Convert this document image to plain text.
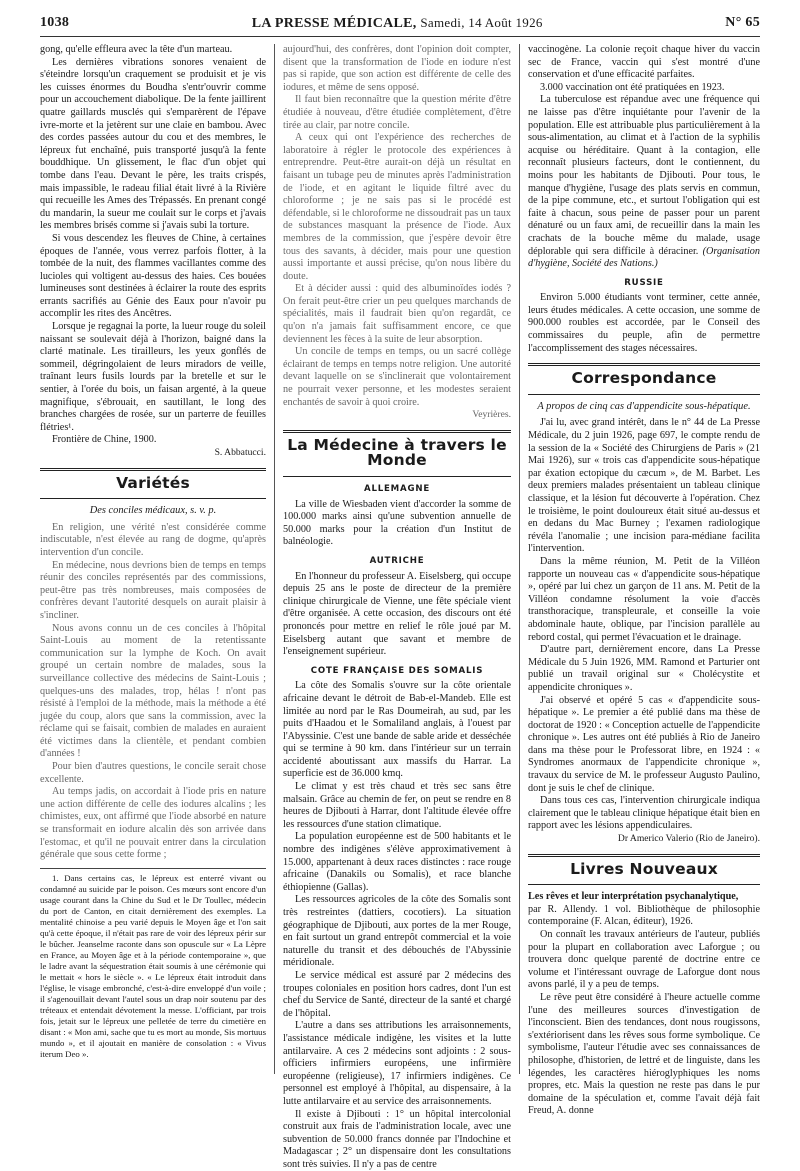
1038	LA PRESSE MÉDICALE, Samedi, 14 Août 1926	N° 65

gong, qu'elle effleura avec la tête d'un marteau.

Les dernières vibrations sonores venaient de s'éteindre lorsqu'un craquement se produisit et je vis les cuisses énormes du Boudha s'entr'ouvrir comme pour un accouchement diabolique. De la fente jaillirent quatre gaillards musclés qui s'emparèrent de l'épave ivre-morte et la jetèrent sur une claie en bambou. Avec des cordes passées autour du cou et des membres, le lépreux fut enchaîné, puis transporté jusqu'à la fente bouddhique. Un glissement, le flac d'un objet qui tombe dans l'eau. Devant le père, les traits crispés, mais impassible, le radeau filial était livré à la Rivière qui recueille les Ames des Trépassés. En prenant congé du mandarin, la sueur me coulait sur le corps et j'avais les membres brisés comme si j'avais subi la torture.

Si vous descendez les fleuves de Chine, à certaines époques de l'année, vous verrez parfois flotter, à la tombée de la nuit, des flammes vacillantes comme des lucioles qui voltigent au-dessus des haies. Ces bouées lumineuses sont destinées à éclairer la route des esprits errants sacrifiés au Génie des Eaux pour n'avoir pu accomplir les rites des Ancêtres.

Lorsque je regagnai la porte, la lueur rouge du soleil naissant se soulevait déjà à l'horizon, baigné dans la clarté matinale. Les tirailleurs, les yeux gonflés de sommeil, dégringolaient de leurs miradors de veille, traînant leurs fusils lourds par la bretelle et sur le sentier, à l'orée du bois, un faisan argenté, à la queue magnifique, s'ébrouait, en sautillant, le long des branches chargées de rosée, sur un parterre de feuilles flétries¹.

Frontière de Chine, 1900.

S. Abbatucci.

Variétés
Des conciles médicaux, s. v. p.

En religion, une vérité n'est considérée comme indiscutable, n'est élevée au rang de dogme, qu'après intervention d'un concile.

En médecine, nous devrions bien de temps en temps réunir des conciles représentés par des commissions, peut-être pas très nombreuses, mais composées de confrères devant l'autorité desquels on aurait plaisir à s'incliner.

Nous avons connu un de ces conciles à l'hôpital Saint-Louis au moment de la retentissante communication sur la lymphe de Koch. On avait groupé un certain nombre de malades, sous la surveillance collective des médecins de Saint-Louis ; quelques-uns des malades, trop, hélas ! n'ont pas résisté à l'emploi de la méthode, mais la méthode a été jugée du coup, alors que sans la commission, avec la réclame qui se faisait, combien de malades en auraient été victimes dans la clientèle, et pendant combien d'années !

Pour bien d'autres questions, le concile serait chose excellente.

Au temps jadis, on accordait à l'iode pris en nature une action différente de celle des iodures alcalins ; les chimistes, eux, ont affirmé que l'iode absorbé en nature se transformait en iodure alcalin dès son arrivée dans l'estomac, et qu'il ne pouvait entrer dans la circulation générale que sous cette forme ;

1. Dans certains cas, le lépreux est enterré vivant ou condamné au suicide par le poison. Ces mœurs sont encore d'un usage courant dans la Chine du Sud et le Dr Toullec, médecin du port de Canton, en citait dernièrement des exemples. La mentalité chinoise a peu varié depuis le Moyen âge et l'on sait qu'à cette époque, il n'était pas rare de voir des lépreux périr sur le bûcher. Jeanselme raconte dans son opuscule sur « La Lèpre en France, au Moyen âge et à la période contemporaine », que le ladre avant la séquestration était soumis à une cérémonie qui le mettait « hors le siècle ». « Le lépreux était introduit dans l'église, le visage embronché, c'est-à-dire enveloppé d'un voile ; il s'agenouillait devant l'autel sous un drap noir soutenu par des tréteaux et entendait dévotement la messe. L'officiant, par trois fois, jetait sur le lépreux une pelletée de terre du cimetière en disant : « Mon ami, sache que tu es mort au monde, Sis mortuus mundo », et il ajoutait en manière de consolation : « Vivus iterum Deo ».

aujourd'hui, des confrères, dont l'opinion doit compter, disent que la transformation de l'iode en iodure n'est pas si rapide, que son action est différente de celle des iodures, et même de sens opposé.

Il faut bien reconnaître que la question mérite d'être étudiée à nouveau, d'être étudiée complètement, d'être tirée au clair, par notre concile.

A ceux qui ont l'expérience des recherches de laboratoire à régler le protocole des expériences à entreprendre. Peut-être aurait-on déjà un résultat en faisant un tubage peu de minutes après l'administration de l'iode, et en agitant le liquide filtré avec du chloroforme ; je ne sais pas si le procédé est défendable, si le chloroforme ne dissoudrait pas un taux de substances masquant la présence de l'iode. Aux membres de la commission, que j'espère devoir être tous des savants, à décider, mais pour une question aussi importante et aussi précise, qu'on nous libère du doute.

Et à décider aussi : quid des albuminoïdes iodés ? On ferait peut-être crier un peu quelques marchands de spécialités, mais il faudrait bien qu'on regardât, ce qu'on n'a jamais fait suffisamment encore, ce que deviennent les fèces à la suite de leur absorption.

Un concile de temps en temps, ou un sacré collège éclairant de temps en temps notre religion. Une autorité devant laquelle on se s'inclinerait que volontairement ne pourrait vexer personne, et les modestes seraient enchantés de savoir à quoi croire.

Veyrières.

La Médecine à travers le Monde
ALLEMAGNE

La ville de Wiesbaden vient d'accorder la somme de 100.000 marks ainsi qu'une subvention annuelle de 50.000 marks pour la création d'un Institut de balnéologie.

AUTRICHE

En l'honneur du professeur A. Eiselsberg, qui occupe depuis 25 ans le poste de directeur de la première clinique chirurgicale de Vienne, une fête spéciale vient d'être organisée. A cette occasion, des discours ont été prononcés pour mettre en relief le rôle joué par M. Eiselsberg autant que savant et membre de l'enseignement supérieur.

COTE FRANÇAISE DES SOMALIS

La côte des Somalis s'ouvre sur la côte orientale africaine devant le détroit de Bab-el-Mandeb. Elle est limitée au nord par le Ras Doumeirah, au sud, par les puits d'Haadou et le Somaliland anglais, à l'ouest par l'Abyssinie. C'est une bande de sable aride et desséchée qui se termine à 90 km. dans l'intérieur sur un terrain accidenté aboutissant aux massifs du Harrar. La superficie est de 36.000 kmq.

Le climat y est très chaud et très sec sans être malsain. Grâce au chemin de fer, on peut se rendre en 8 heures de Djibouti à Harrar, dont l'altitude élevée offre les ressources d'une station climatique.

La population européenne est de 500 habitants et le nombre des indigènes s'élève approximativement à 15.000, appartenant à deux races distinctes : race rouge africaine (Danakils ou Somalis), et race blanche éthiopienne (Gallas).

Les ressources agricoles de la côte des Somalis sont très restreintes (dattiers, cocotiers). La situation géographique de Djibouti, aux portes de la mer Rouge, en fait surtout un grand entrepôt commercial et la voie naturelle du transit et des débouchés de l'Abyssinie méridionale.

Le service médical est assuré par 2 médecins des troupes coloniales en position hors cadres, dont l'un est chef du Service de Santé, directeur de la santé et chargé de l'hôpital.

L'autre a dans ses attributions les arraisonnements, l'assistance médicale indigène, les visites et la lutte antilarvaire. A ces 2 médecins sont adjoints : 2 sous-officiers infirmiers européens, une infirmière européenne (religieuse), 17 infirmiers indigènes. Ce personnel est employé à l'hôpital, au dispensaire, à la lutte antilarvaire et au service des arraisonnements.

Il existe à Djibouti : 1° un hôpital intercolonial construit aux frais de l'administration locale, avec une subvention de 50.000 francs donnée par l'Indochine et Madagascar ; 2° un dispensaire dont les consultations sont très suivies. Il n'y a pas de centre

vaccinogène. La colonie reçoit chaque hiver du vaccin sec de France, vaccin qui s'est montré d'une conservation et d'une efficacité parfaites.

3.000 vaccination ont été pratiquées en 1923.

La tuberculose est répandue avec une fréquence qui ne laisse pas d'être inquiétante pour l'avenir de la population. Elle est attribuable plus particulièrement à la sous-alimentation, au climat et à l'action de la syphilis acquise ou héréditaire. Quant à la contagion, elle reconnaît plusieurs facteurs, dont le contiennent, du moins pour les habitants de Djibouti. Pour tous, le manque d'hygiène, l'usage des plats servis en commun, de la pipe commune, etc., et surtout l'obligation qui est faite à chacun, sous peine de passer pour un parent dénaturé ou un faux ami, de recueillir dans la main les crachats de la bouche même du malade, usage déplorable qui sera difficile à déraciner. (Organisation d'hygiène, Société des Nations.)

RUSSIE

Environ 5.000 étudiants vont terminer, cette année, leurs études médicales. A cette occasion, une somme de 900.000 roubles est accordée, par le Conseil des commissaires du peuple, afin de permettre l'accomplissement des stages nécessaires.

Correspondance
A propos de cinq cas d'appendicite sous-hépatique.

J'ai lu, avec grand intérêt, dans le n° 44 de La Presse Médicale, du 2 juin 1926, page 697, le compte rendu de la session de la « Société des Chirurgiens de Paris » (21 Mai 1926), sur « trois cas d'appendicite sous-hépatique par éxation ectopique du cæcum », de M. Barbet. Les deux premiers malades présentaient un tableau clinique classique, et la lésion fut découverte à l'opération. Chez le troisième, le point douloureux était situé au-dessus et en dedans du Mac Burney ; l'examen radiologique révéla l'anomalie ; une incision para-médiane facilita l'intervention.

Dans la même réunion, M. Petit de la Villéon rapporte un nouveau cas « d'appendicite sous-hépatique », opéré par lui chez un garçon de 11 ans. M. Petit de la Villéon condamne résolument la voie d'accès transthoracique, transpleurale, et conseille la voie abdominale haute, oblique, par l'incision parallèle au rebord costal, qui permet l'évacuation et le drainage.

D'autre part, dernièrement encore, dans La Presse Médicale du 5 Juin 1926, MM. Ramond et Parturier ont publié un travail original sur « Cholécystite et appendicite chroniques ».

J'ai observé et opéré 5 cas « d'appendicite sous-hépatique ». Le premier a été publié dans ma thèse de doctorat de 1920 : « Conception actuelle de l'appendicite chronique ». Les autres ont été publiés à Rio de Janeiro dans ma thèse pour le Professorat libre, en 1924 : « Syndromes anormaux de l'appendicite chronique », travaux du service de M. le professeur Augusto Paulino, dont je suis le chef de clinique.

Dans tous ces cas, l'intervention chirurgicale indiqua clairement que le tableau clinique hépatique était bien en rapport avec les lésions appendiculaires.

Dr Americo Valerio (Rio de Janeiro).

Livres Nouveaux

Les rêves et leur interprétation psychanalytique,

par R. Allendy. 1 vol. Bibliothèque de philosophie contemporaine (F. Alcan, éditeur), 1926.

On connaît les travaux antérieurs de l'auteur, publiés pour la plupart en collaboration avec Laforgue ; ou trouvera donc quelque parenté de doctrine entre ce volume et l'intéressant ouvrage de Laforgue dont nous avons parlé, il y a peu de temps.

Le rêve peut être considéré à l'heure actuelle comme l'une des meilleures sources d'investigation de l'inconscient. Bien des tendances, dont nous rougissons, s'extériorisent dans les rêves sous forme symbolique. Ce symbolisme, l'auteur l'étudie avec ses connaissances de philosophe, d'historien, de lettré et de linguiste, dans les légendes, les caractères hiéroglyphiques les noms propres, etc. Mais la question ne reste pas dans le pur domaine de la spéculation et, comme l'avait déjà fait Freud, A. donne
